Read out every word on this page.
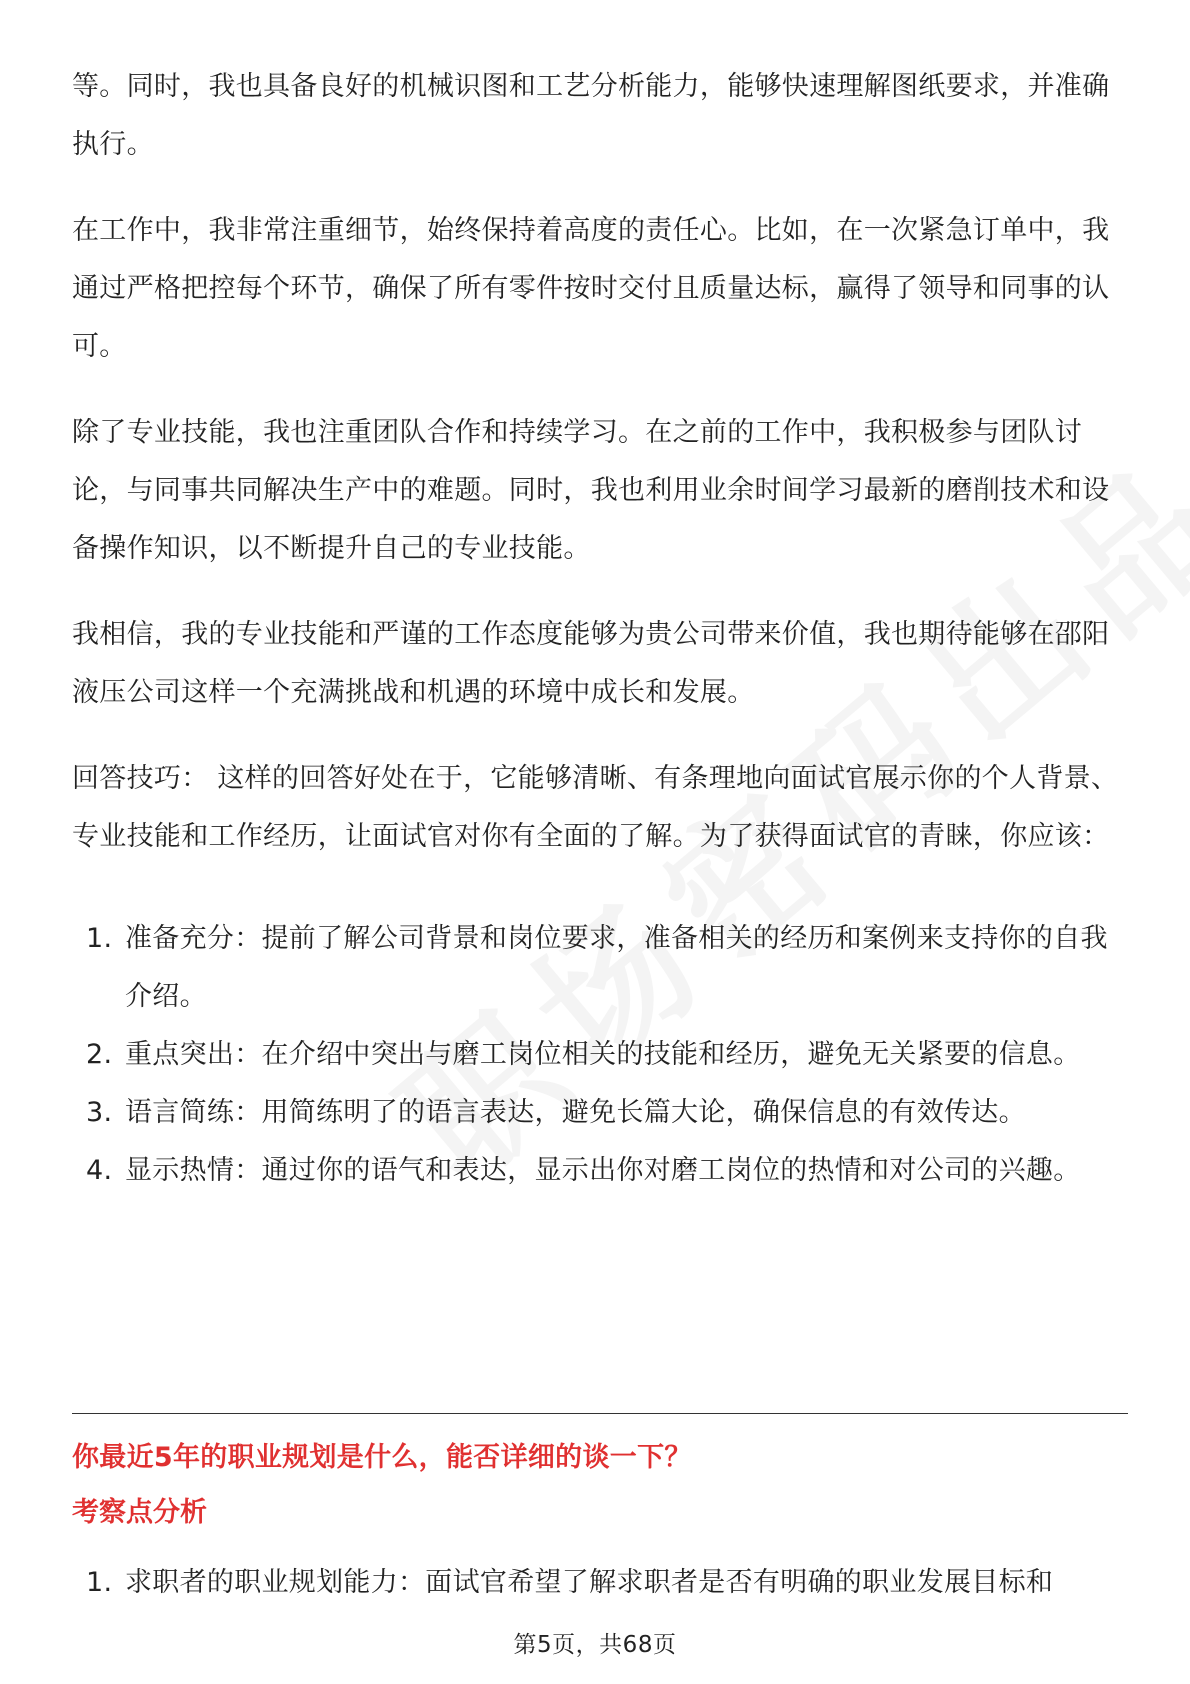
等。同时，我也具备良好的机械识图和工艺分析能力，能够快速理解图纸要求，并准确执行。

在工作中，我非常注重细节，始终保持着高度的责任心。比如，在一次紧急订单中，我通过严格把控每个环节，确保了所有零件按时交付且质量达标，赢得了领导和同事的认可。

除了专业技能，我也注重团队合作和持续学习。在之前的工作中，我积极参与团队讨论，与同事共同解决生产中的难题。同时，我也利用业余时间学习最新的磨削技术和设备操作知识，以不断提升自己的专业技能。

我相信，我的专业技能和严谨的工作态度能够为贵公司带来价值，我也期待能够在邵阳液压公司这样一个充满挑战和机遇的环境中成长和发展。

回答技巧： 这样的回答好处在于，它能够清晰、有条理地向面试官展示你的个人背景、专业技能和工作经历，让面试官对你有全面的了解。为了获得面试官的青睐，你应该：

1. 准备充分：提前了解公司背景和岗位要求，准备相关的经历和案例来支持你的自我介绍。
2. 重点突出：在介绍中突出与磨工岗位相关的技能和经历，避免无关紧要的信息。
3. 语言简练：用简练明了的语言表达，避免长篇大论，确保信息的有效传达。
4. 显示热情：通过你的语气和表达，显示出你对磨工岗位的热情和对公司的兴趣。
你最近5年的职业规划是什么，能否详细的谈一下？
考察点分析
1. 求职者的职业规划能力：面试官希望了解求职者是否有明确的职业发展目标和
第5页，共68页
